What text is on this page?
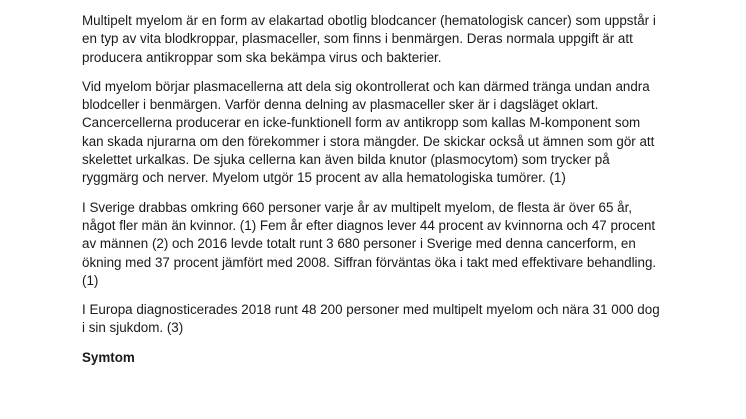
Multipelt myelom är en form av elakartad obotlig blodcancer (hematologisk cancer) som uppstår i
en typ av vita blodkroppar, plasmaceller, som finns i benmärgen. Deras normala uppgift är att
producera antikroppar som ska bekämpa virus och bakterier.
Vid myelom börjar plasmacellerna att dela sig okontrollerat och kan därmed tränga undan andra
blodceller i benmärgen. Varför denna delning av plasmaceller sker är i dagsläget oklart.
Cancercellerna producerar en icke-funktionell form av antikropp som kallas M-komponent som
kan skada njurarna om den förekommer i stora mängder. De skickar också ut ämnen som gör att
skelettet urkalkas. De sjuka cellerna kan även bilda knutor (plasmocytom) som trycker på
ryggmärg och nerver. Myelom utgör 15 procent av alla hematologiska tumörer. (1)
I Sverige drabbas omkring 660 personer varje år av multipelt myelom, de flesta är över 65 år,
något fler män än kvinnor. (1) Fem år efter diagnos lever 44 procent av kvinnorna och 47 procent
av männen (2) och 2016 levde totalt runt 3 680 personer i Sverige med denna cancerform, en
ökning med 37 procent jämfört med 2008. Siffran förväntas öka i takt med effektivare behandling.
(1)
I Europa diagnosticerades 2018 runt 48 200 personer med multipelt myelom och nära 31 000 dog
i sin sjukdom. (3)
Symtom
